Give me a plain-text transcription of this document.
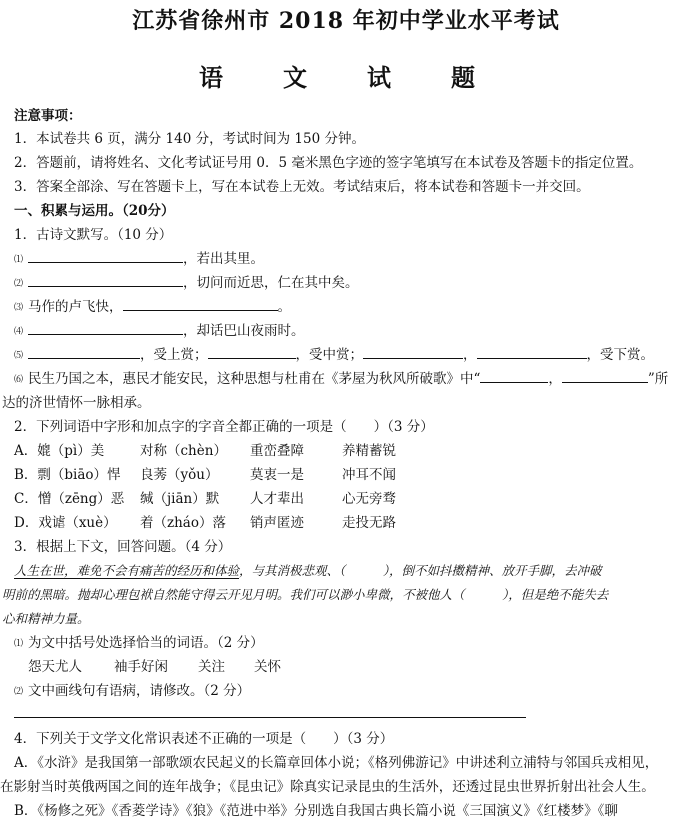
江苏省徐州市 2018 年初中学业水平考试
语　文　试　题
注意事项：
1．本试卷共 6 页，满分 140 分，考试时间为 150 分钟。
2．答题前，请将姓名、文化考试证号用 0．5 毫米黑色字迹的签字笔填写在本试卷及答题卡的指定位置。
3．答案全部涂、写在答题卡上，写在本试卷上无效。考试结束后，将本试卷和答题卡一并交回。
一、积累与运用。（20分）
1．古诗文默写。（10 分）
⑴	，若出其里。
⑵	，切问而近思，仁在其中矣。
⑶ 马作的卢飞快，	。
⑷	，却话巴山夜雨时。
⑸	，受上赏；	，受中赏；	，	，受下赏。
⑹ 民生乃国之本，惠民才能安民，这种思想与杜甫在《茅屋为秋风所破歌》中“	，	”所
达的济世情怀一脉相承。
2．下列词语中字形和加点字的字音全都正确的一项是（　　）（3 分）
A．媲（pì）美	对称（chèn） 重峦叠障	养精蓄锐
B．剽（biāo）悍 良莠（yǒu） 莫衷一是	冲耳不闻
C．憎（zēng）恶 缄（jiān）默 人才辈出	心无旁骛
D．戏谑（xuè） 着（zháo）落 销声匿迹	走投无路
3．根据上下文，回答问题。（4 分）
人生在世，难免不会有痛苦的经历和体验，与其消极悲观、（　　　），倒不如抖擞精神、放开手脚，去冲破
明前的黑暗。抛却心理包袱自然能守得云开见月明。我们可以渺小卑微，不被他人（　　　），但是绝不能失去
心和精神力量。
⑴ 为文中括号处选择恰当的词语。（2 分）
怨天尤人 袖手好闲 关注 关怀
⑵ 文中画线句有语病，请修改。（2 分）
4．下列关于文学文化常识表述不正确的一项是（　　）（3 分）
A．《水浒》是我国第一部歌颂农民起义的长篇章回体小说；《格列佛游记》中讲述利立浦特与邻国兵戎相见，
在影射当时英俄两国之间的连年战争；《昆虫记》除真实记录昆虫的生活外，还透过昆虫世界折射出社会人生。
B．《杨修之死》《香菱学诗》《狼》《范进中举》分别选自我国古典长篇小说《三国演义》《红楼梦》《聊
